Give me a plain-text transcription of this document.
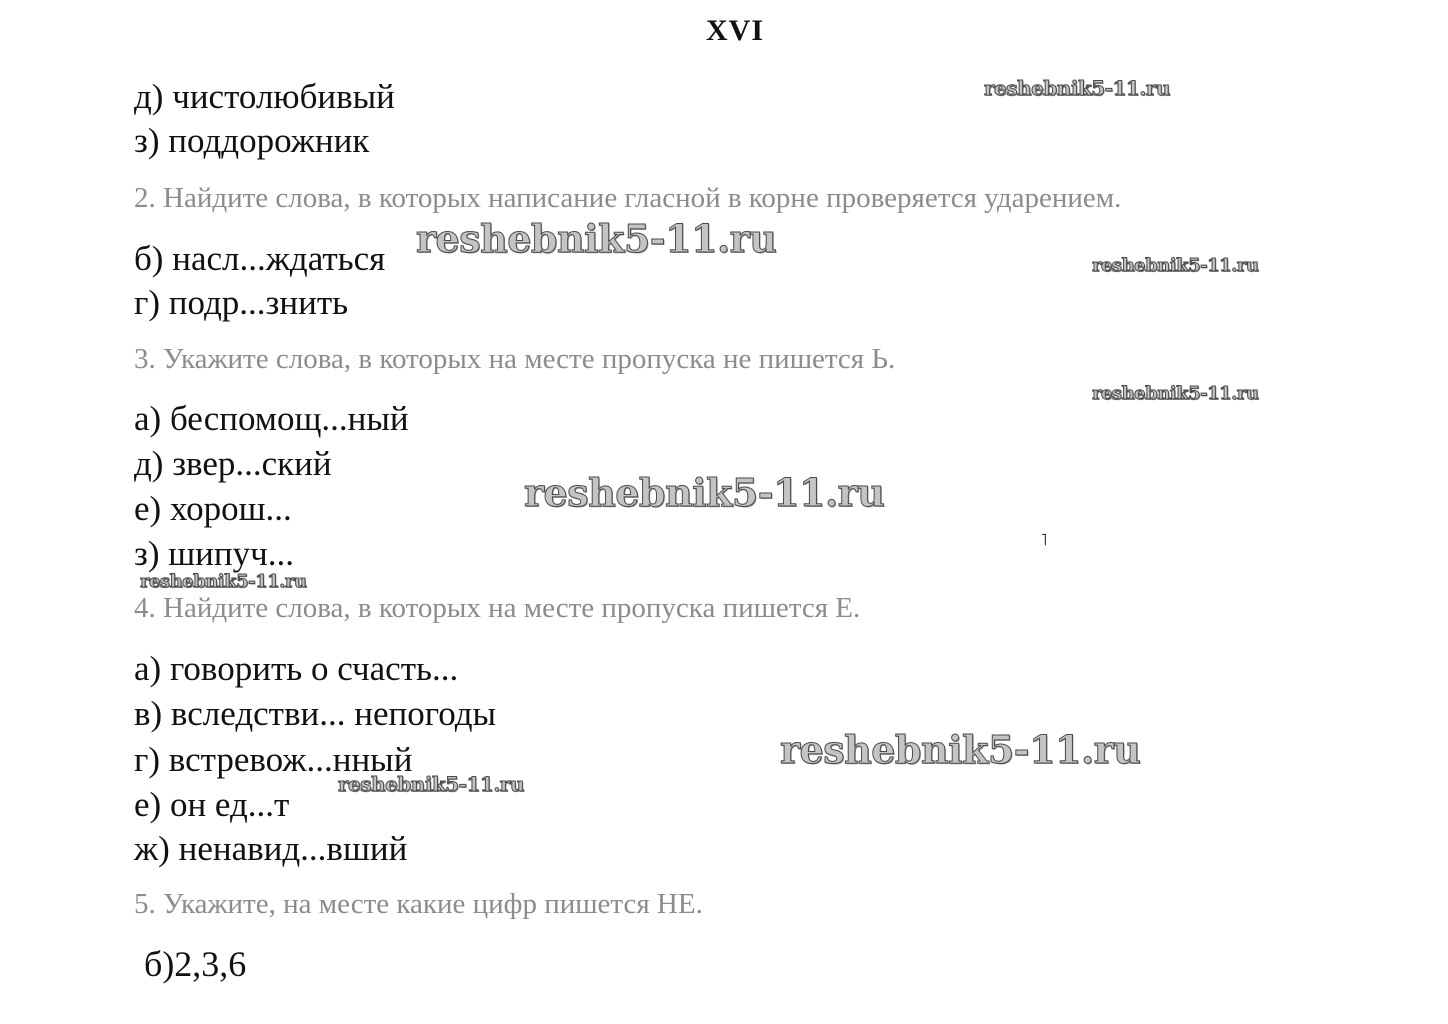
XVI
д) чистолюбивый
з) поддорожник
2. Найдите слова, в которых написание гласной в корне проверяется ударением.
б) насл...ждаться
г) подр...знить
3. Укажите слова, в которых на месте пропуска не пишется Ь.
а) беспомощ...ный
д) звер...ский
е) хорош...
з) шипуч...
4. Найдите слова, в которых на месте пропуска пишется Е.
а) говорить о счасть...
в) вследстви... непогоды
г) встревож...нный
е) он ед...т
ж) ненавид...вший
5. Укажите, на месте какие цифр пишется НЕ.
б)2,3,6
reshebnik5-11.ru
reshebnik5-11.ru
reshebnik5-11.ru
reshebnik5-11.ru
reshebnik5-11.ru
reshebnik5-11.ru
reshebnik5-11.ru
reshebnik5-11.ru
˥
